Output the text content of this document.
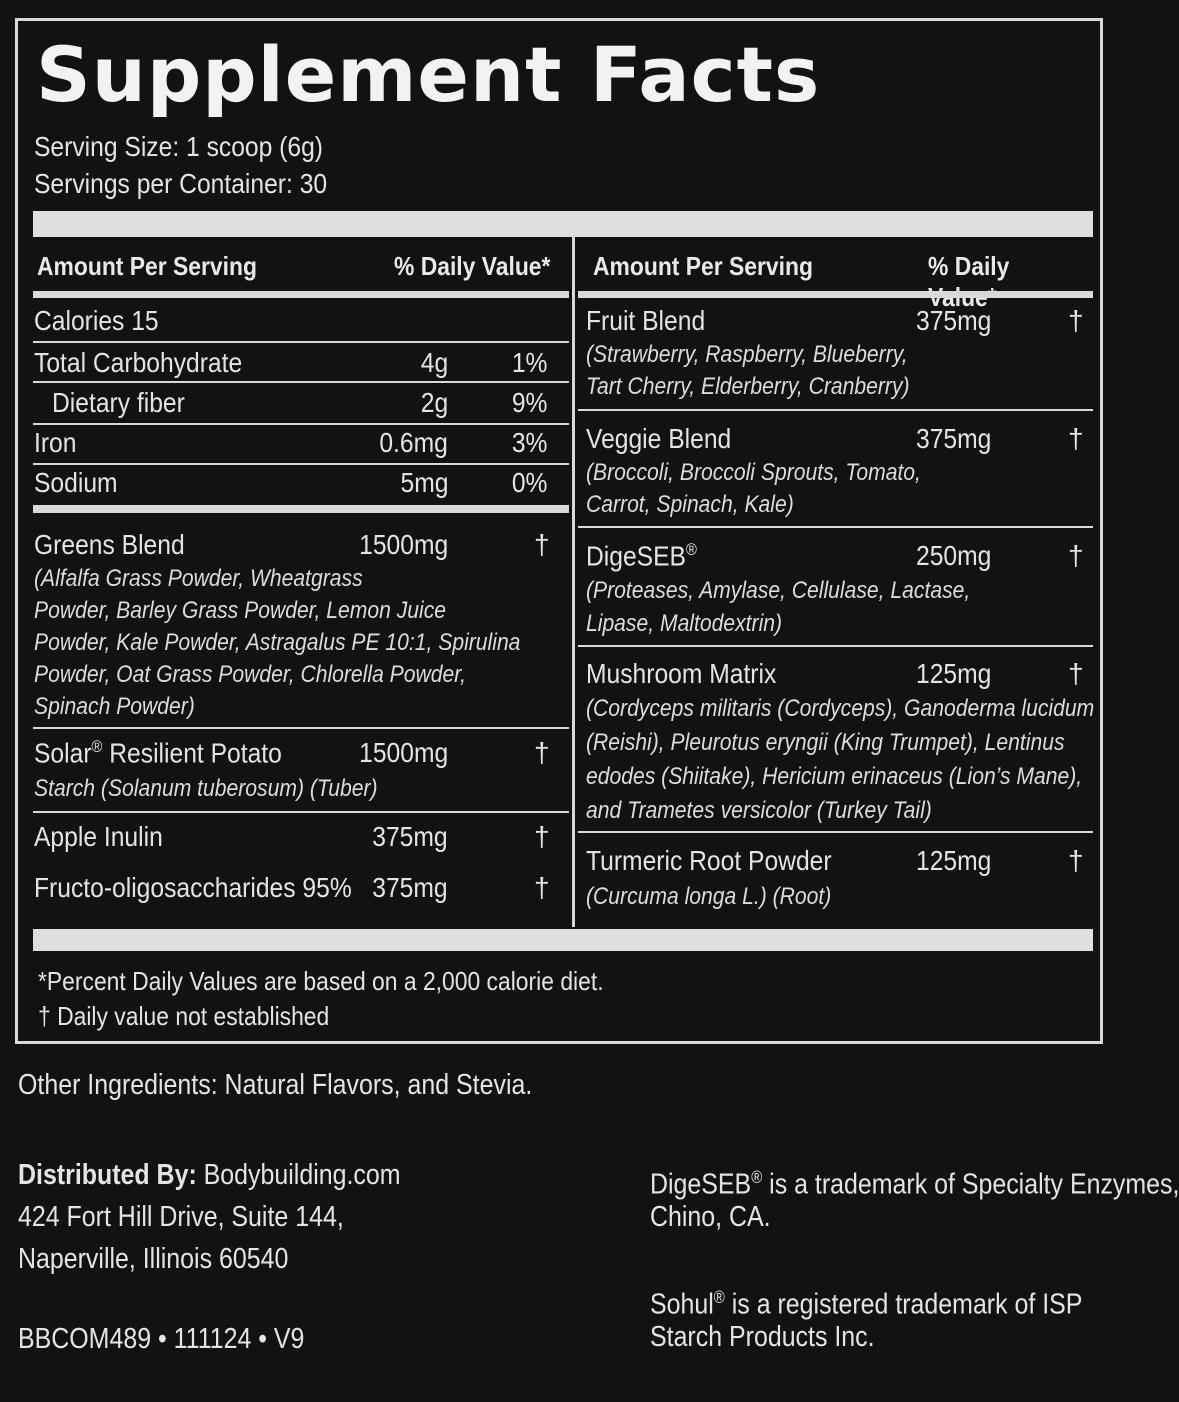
Supplement Facts
Serving Size: 1 scoop (6g)
Servings per Container: 30
Amount Per Serving	% Daily Value* Amount Per Serving	% Daily
Calories 15
Total Carbohydrate	4g 1%
Dietary fiber	2g 9%
Iron	0.6mg 3%
Sodium	5mg 0%
Greens Blend	1500mg	†
(Alfalfa Grass Powder, Wheatgrass
Powder, Barley Grass Powder, Lemon Juice
Powder, Kale Powder, Astragalus PE 10:1, Spirulina
Powder, Oat Grass Powder, Chlorella Powder,
Spinach Powder)
Solar® Resilient Potato	1500mg	†
Starch (Solanum tuberosum) (Tuber)
Apple Inulin	375mg	†
Fructo-oligosaccharides 95% 375mg	†
Fruit Blend	375mg	†
(Strawberry, Raspberry, Blueberry,
Tart Cherry, Elderberry, Cranberry)
Veggie Blend	375mg	†
(Broccoli, Broccoli Sprouts, Tomato,
Carrot, Spinach, Kale)
DigeSEB®	250mg	†
(Proteases, Amylase, Cellulase, Lactase,
Lipase, Maltodextrin)
Mushroom Matrix	125mg	†
(Cordyceps militaris (Cordyceps), Ganoderma lucidum
(Reishi), Pleurotus eryngii (King Trumpet), Lentinus
edodes (Shiitake), Hericium erinaceus (Lion’s Mane),
and Trametes versicolor (Turkey Tail)
Turmeric Root Powder	125mg	†
(Curcuma longa L.) (Root)
*Percent Daily Values are based on a 2,000 calorie diet.
† Daily value not established
Other Ingredients: Natural Flavors, and Stevia.
Distributed By: Bodybuilding.com
424 Fort Hill Drive, Suite 144,
Naperville, Illinois 60540
BBCOM489 • 111124 • V9
DigeSEB® is a trademark of Specialty Enzymes,
Chino, CA.
Sohul® is a registered trademark of ISP
Starch Products Inc.
